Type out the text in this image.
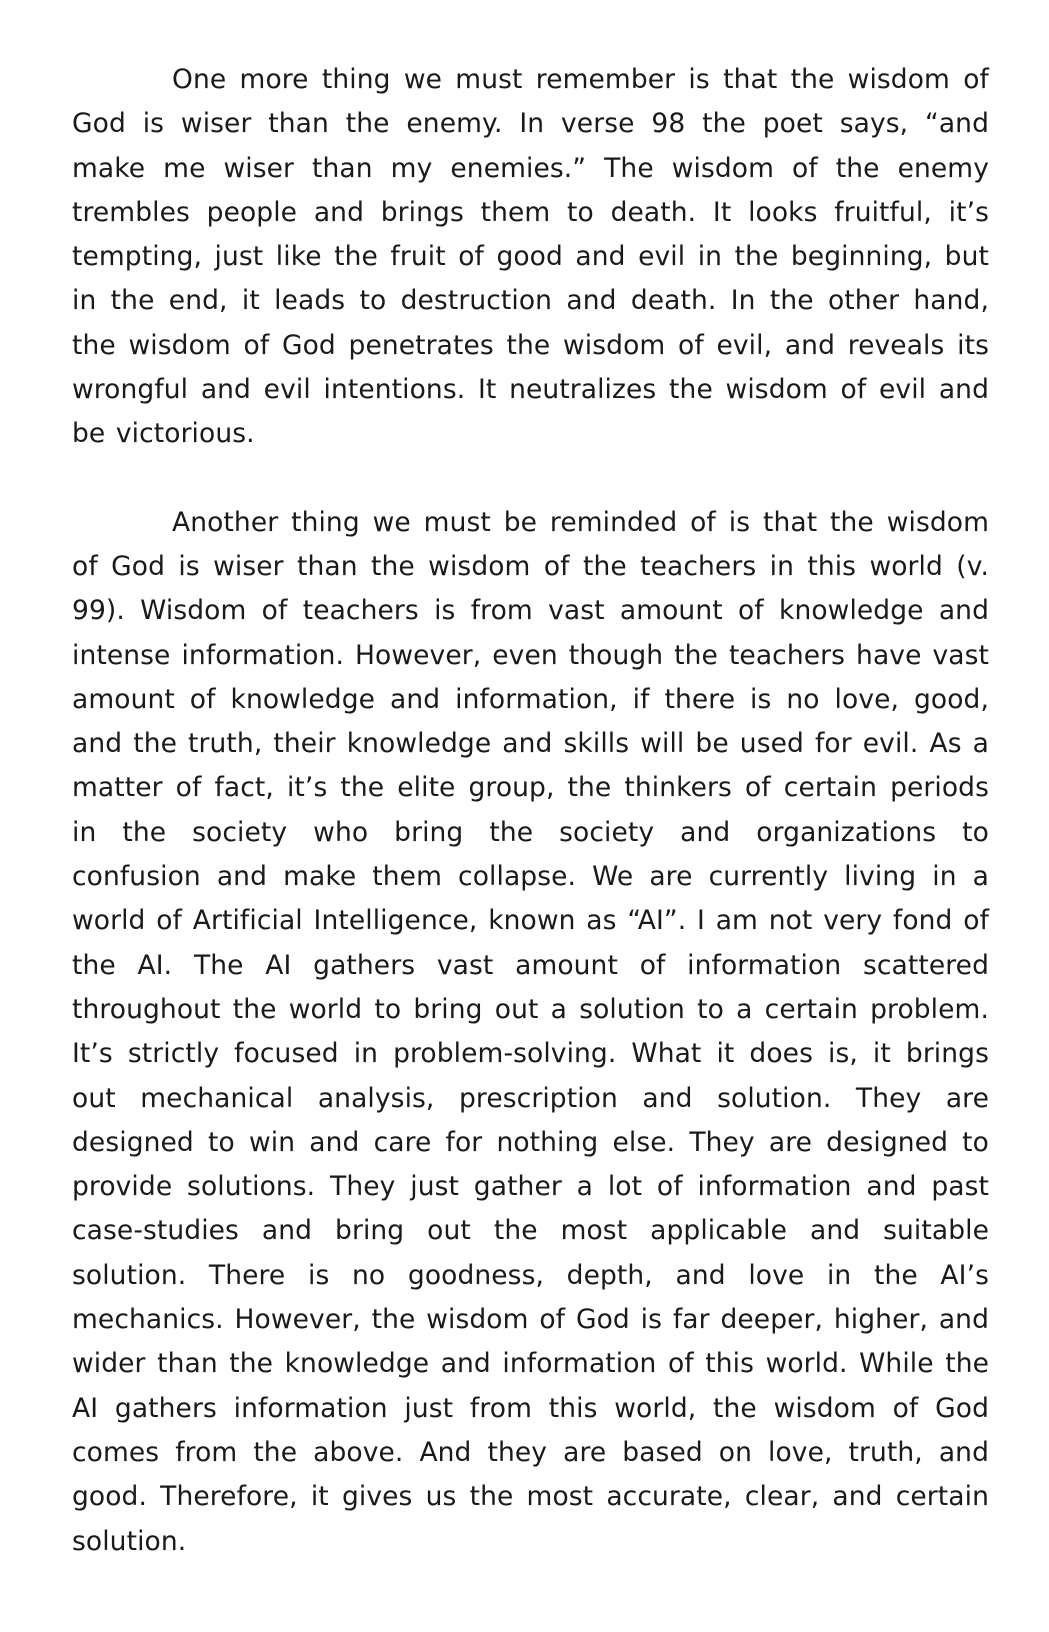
One more thing we must remember is that the wisdom of God is wiser than the enemy. In verse 98 the poet says, “and make me wiser than my enemies.” The wisdom of the enemy trembles people and brings them to death. It looks fruitful, it’s tempting, just like the fruit of good and evil in the beginning, but in the end, it leads to destruction and death. In the other hand, the wisdom of God penetrates the wisdom of evil, and reveals its wrongful and evil intentions. It neutralizes the wisdom of evil and be victorious.

Another thing we must be reminded of is that the wisdom of God is wiser than the wisdom of the teachers in this world (v. 99). Wisdom of teachers is from vast amount of knowledge and intense information. However, even though the teachers have vast amount of knowledge and information, if there is no love, good, and the truth, their knowledge and skills will be used for evil. As a matter of fact, it’s the elite group, the thinkers of certain periods in the society who bring the society and organizations to confusion and make them collapse. We are currently living in a world of Artificial Intelligence, known as “AI”. I am not very fond of the AI. The AI gathers vast amount of information scattered throughout the world to bring out a solution to a certain problem. It’s strictly focused in problem-solving. What it does is, it brings out mechanical analysis, prescription and solution. They are designed to win and care for nothing else. They are designed to provide solutions. They just gather a lot of information and past case-studies and bring out the most applicable and suitable solution. There is no goodness, depth, and love in the AI’s mechanics. However, the wisdom of God is far deeper, higher, and wider than the knowledge and information of this world. While the AI gathers information just from this world, the wisdom of God comes from the above. And they are based on love, truth, and good. Therefore, it gives us the most accurate, clear, and certain solution.
